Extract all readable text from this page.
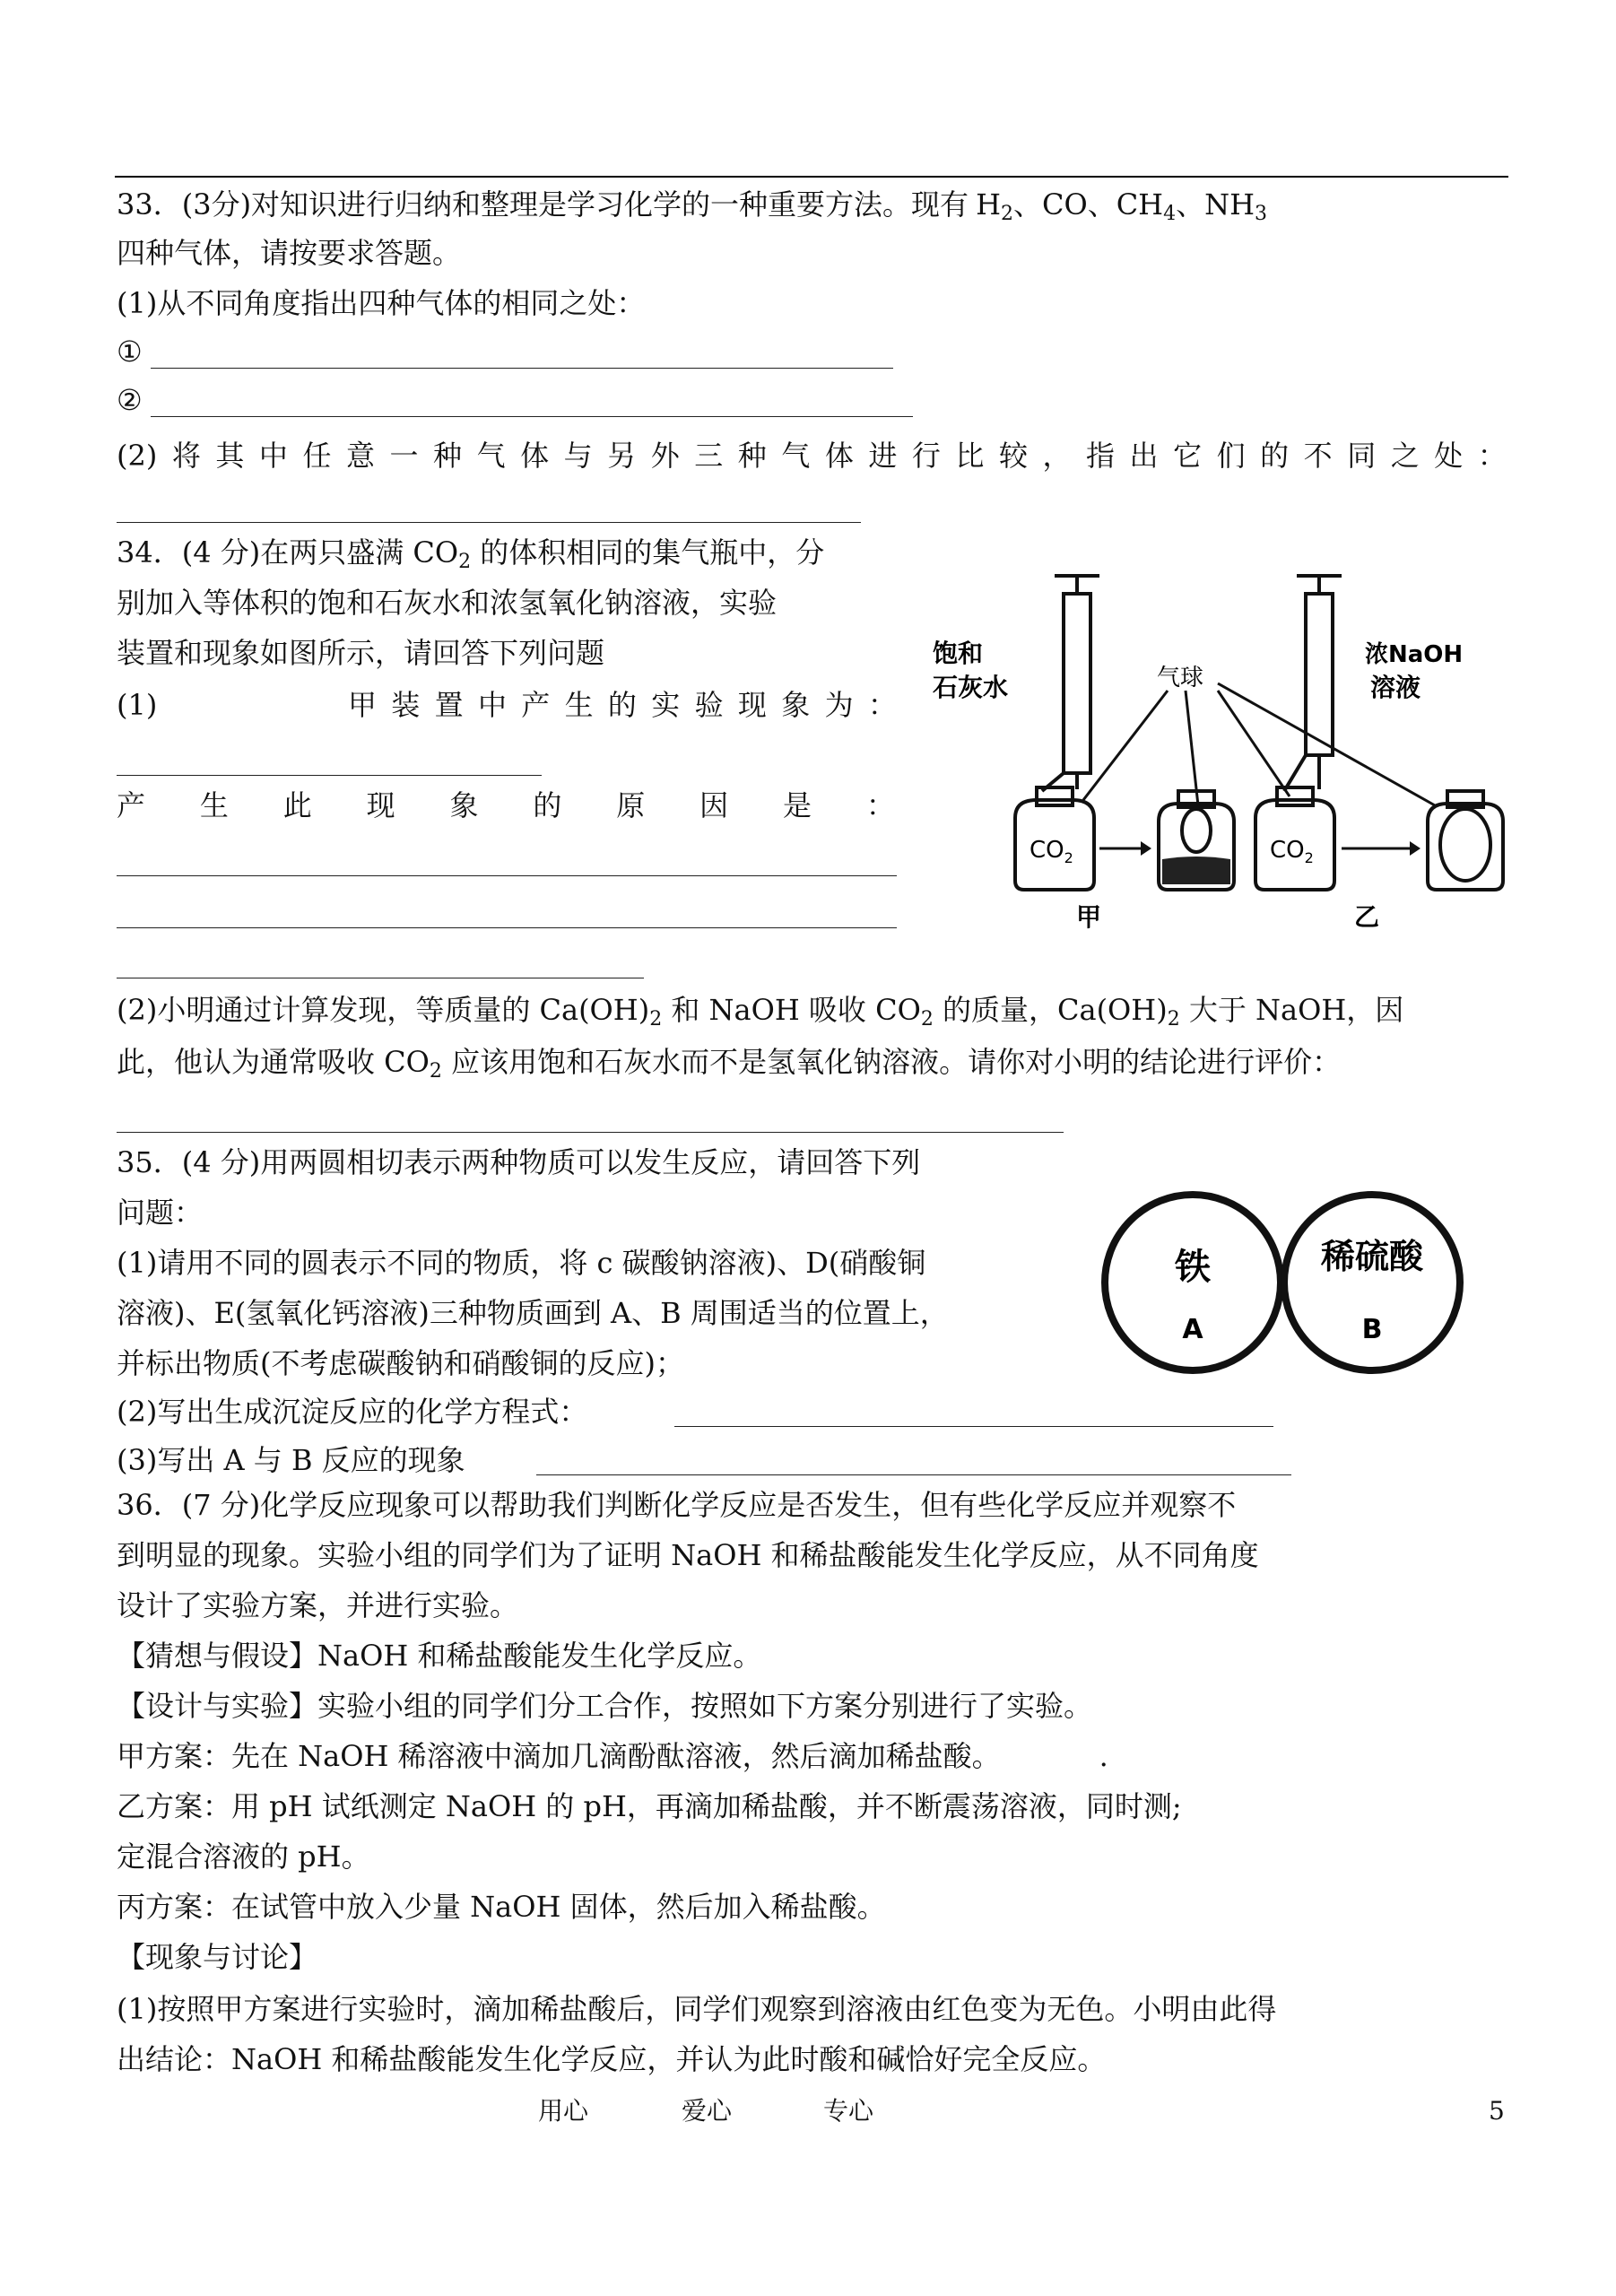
33．(3分)对知识进行归纳和整理是学习化学的一种重要方法。现有 $H_2$、CO、$CH_4$、$NH_3$
四种气体，请按要求答题。
(1)从不同角度指出四种气体的相同之处：
①
②
(2) 将 其 中 任 意 一 种 气 体 与 另 外 三 种 气 体 进 行 比 较 ， 指 出 它 们 的 不 同 之 处 ：
34．(4 分)在两只盛满 $CO_2$ 的体积相同的集气瓶中，分
别加入等体积的饱和石灰水和浓氢氧化钠溶液，实验
装置和现象如图所示，请回答下列问题
(1)	甲 装 置 中 产 生 的 实 验 现 象 为 ：
产 生 此 现 象 的 原 因 是 ：
饱和
石灰水	气球
浓NaOH
溶液
$CO_2$	$CO_2$
甲	乙
(2)小明通过计算发现，等质量的 $Ca(OH)_2$ 和 NaOH 吸收 $CO_2$ 的质量，$Ca(OH)_2$ 大于 NaOH，因
此，他认为通常吸收 $CO_2$ 应该用饱和石灰水而不是氢氧化钠溶液。请你对小明的结论进行评价：
35．(4 分)用两圆相切表示两种物质可以发生反应，请回答下列
问题：
(1)请用不同的圆表示不同的物质，将 c 碳酸钠溶液)、D(硝酸铜
溶液)、E(氢氧化钙溶液)三种物质画到 A、B 周围适当的位置上，
并标出物质(不考虑碳酸钠和硝酸铜的反应)；
铁
A
稀硫酸
B
(2)写出生成沉淀反应的化学方程式：
(3)写出 A 与 B 反应的现象
36．(7 分)化学反应现象可以帮助我们判断化学反应是否发生，但有些化学反应并观察不
到明显的现象。实验小组的同学们为了证明 NaOH 和稀盐酸能发生化学反应，从不同角度
设计了实验方案，并进行实验。
【猜想与假设】NaOH 和稀盐酸能发生化学反应。
【设计与实验】实验小组的同学们分工合作，按照如下方案分别进行了实验。
甲方案：先在 NaOH 稀溶液中滴加几滴酚酞溶液，然后滴加稀盐酸。	.
乙方案：用 pH 试纸测定 NaOH 的 pH，再滴加稀盐酸，并不断震荡溶液，同时测;
定混合溶液的 pH。
丙方案：在试管中放入少量 NaOH 固体，然后加入稀盐酸。
【现象与讨论】
(1)按照甲方案进行实验时，滴加稀盐酸后，同学们观察到溶液由红色变为无色。小明由此得
出结论：NaOH 和稀盐酸能发生化学反应，并认为此时酸和碱恰好完全反应。
用心	爱心	专心	5
